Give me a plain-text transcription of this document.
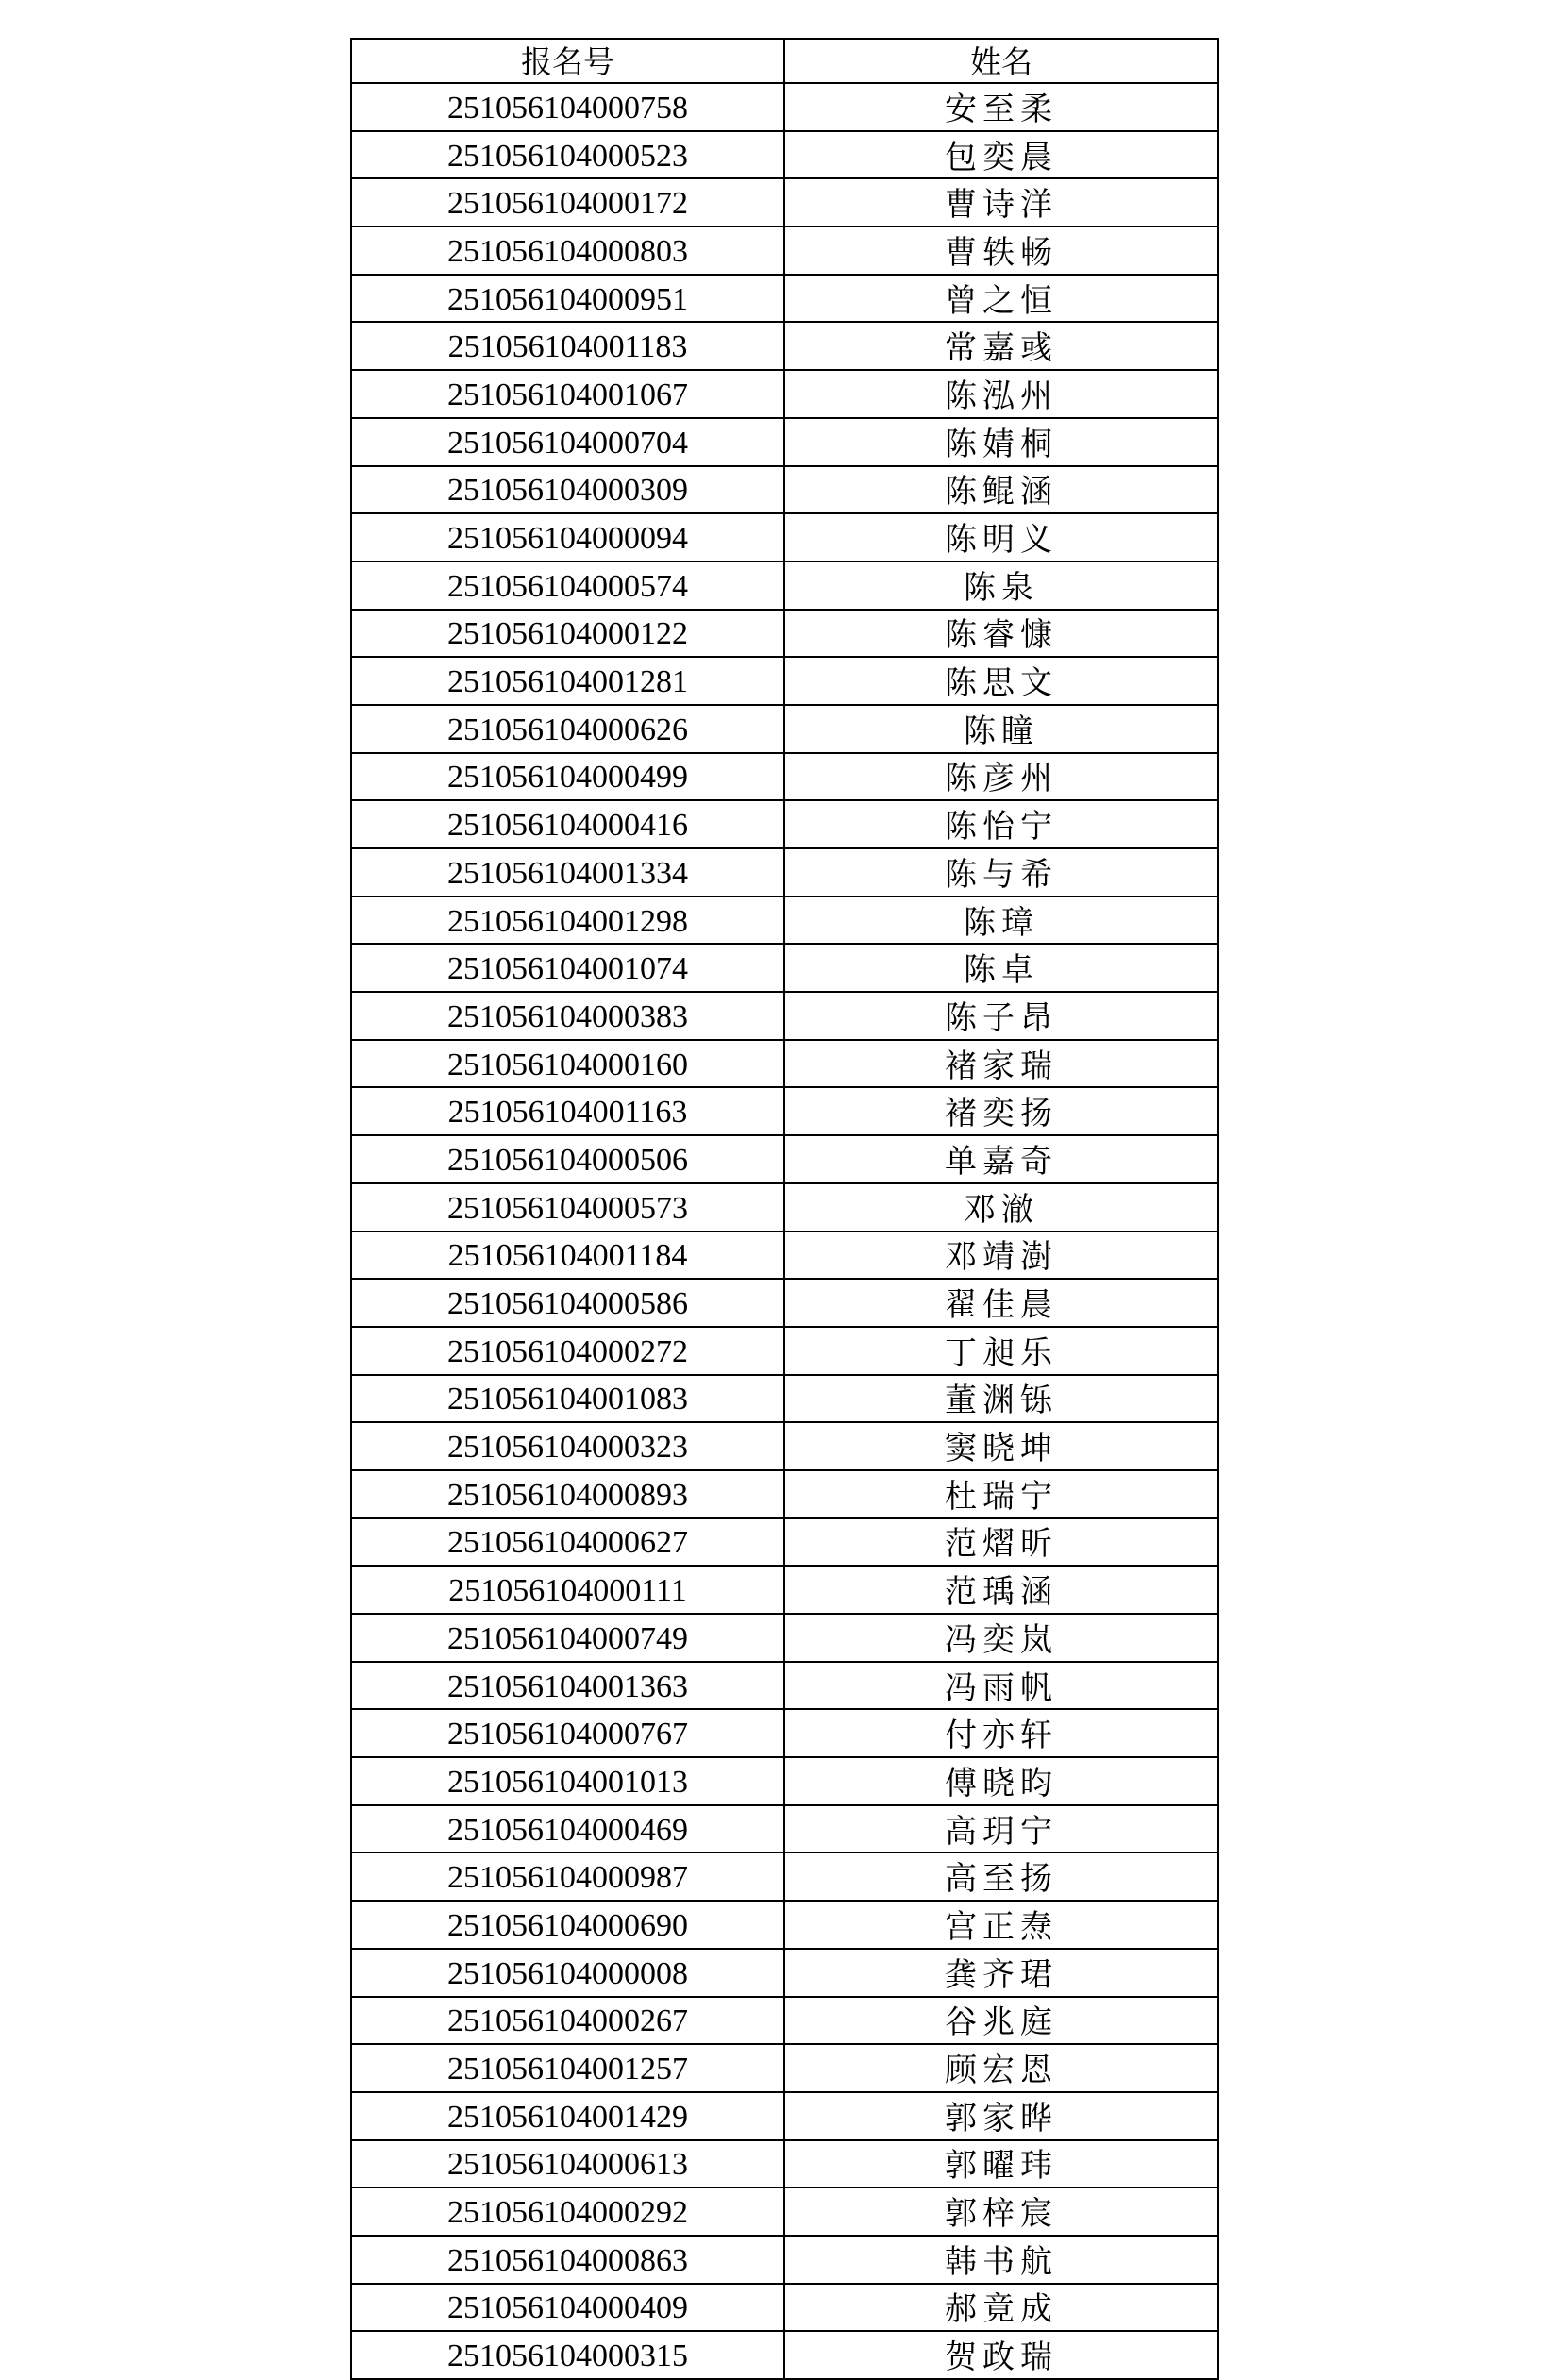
报名号	姓名
251056104000758	安至柔
251056104000523	包奕晨
251056104000172	曹诗洋
251056104000803	曹轶畅
251056104000951	曾之恒
251056104001183	常嘉彧
251056104001067	陈泓州
251056104000704	陈婧桐
251056104000309	陈鲲涵
251056104000094	陈明义
251056104000574	陈泉
251056104000122	陈睿慷
251056104001281	陈思文
251056104000626	陈瞳
251056104000499	陈彦州
251056104000416	陈怡宁
251056104001334	陈与希
251056104001298	陈璋
251056104001074	陈卓
251056104000383	陈子昂
251056104000160	褚家瑞
251056104001163	褚奕扬
251056104000506	单嘉奇
251056104000573	邓澈
251056104001184	邓靖澍
251056104000586	翟佳晨
251056104000272	丁昶乐
251056104001083	董渊铄
251056104000323	窦晓坤
251056104000893	杜瑞宁
251056104000627	范熠昕
251056104000111	范瑀涵
251056104000749	冯奕岚
251056104001363	冯雨帆
251056104000767	付亦轩
251056104001013	傅晓昀
251056104000469	高玥宁
251056104000987	高至扬
251056104000690	宫正焘
251056104000008	龚齐珺
251056104000267	谷兆庭
251056104001257	顾宏恩
251056104001429	郭家晔
251056104000613	郭曜玮
251056104000292	郭梓宸
251056104000863	韩书航
251056104000409	郝竟成
251056104000315	贺政瑞
